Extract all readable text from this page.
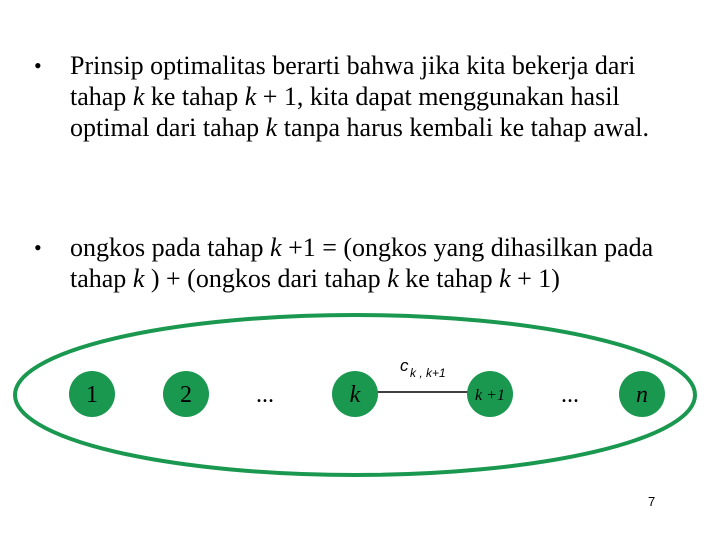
• Prinsip optimalitas berarti bahwa jika kita bekerja dari tahap k ke tahap k + 1, kita dapat menggunakan hasil optimal dari tahap k tanpa harus kembali ke tahap awal.
• ongkos pada tahap k +1 = (ongkos yang dihasilkan pada tahap k ) + (ongkos dari tahap k ke tahap k + 1)
c k , k+1
1	2	...	k	k +1 ... n
7
